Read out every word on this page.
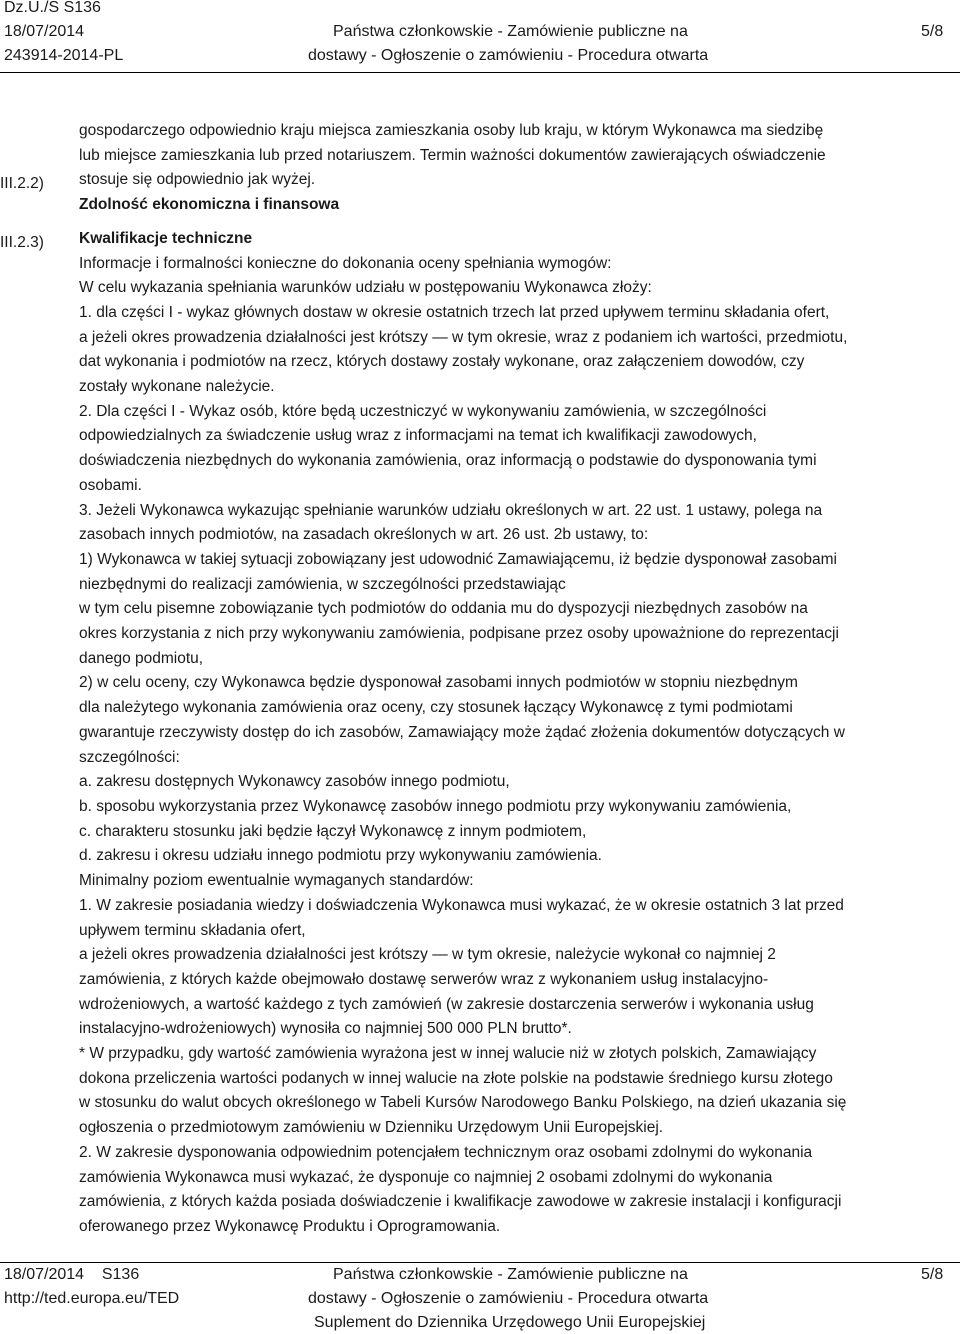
Dz.U./S S136
18/07/2014
243914-2014-PL
Państwa członkowskie - Zamówienie publiczne na
dostawy - Ogłoszenie o zamówieniu - Procedura otwarta
5/8
III.2.2)
III.2.3)
gospodarczego odpowiednio kraju miejsca zamieszkania osoby lub kraju, w którym Wykonawca ma siedzibę
lub miejsce zamieszkania lub przed notariuszem. Termin ważności dokumentów zawierających oświadczenie
stosuje się odpowiednio jak wyżej.
Zdolność ekonomiczna i finansowa
Kwalifikacje techniczne
Informacje i formalności konieczne do dokonania oceny spełniania wymogów:
W celu wykazania spełniania warunków udziału w postępowaniu Wykonawca złoży:
1. dla części I - wykaz głównych dostaw w okresie ostatnich trzech lat przed upływem terminu składania ofert,
a jeżeli okres prowadzenia działalności jest krótszy — w tym okresie, wraz z podaniem ich wartości, przedmiotu,
dat wykonania i podmiotów na rzecz, których dostawy zostały wykonane, oraz załączeniem dowodów, czy
zostały wykonane należycie.
2. Dla części I - Wykaz osób, które będą uczestniczyć w wykonywaniu zamówienia, w szczególności
odpowiedzialnych za świadczenie usług wraz z informacjami na temat ich kwalifikacji zawodowych,
doświadczenia niezbędnych do wykonania zamówienia, oraz informacją o podstawie do dysponowania tymi
osobami.
3. Jeżeli Wykonawca wykazując spełnianie warunków udziału określonych w art. 22 ust. 1 ustawy, polega na
zasobach innych podmiotów, na zasadach określonych w art. 26 ust. 2b ustawy, to:
1) Wykonawca w takiej sytuacji zobowiązany jest udowodnić Zamawiającemu, iż będzie dysponował zasobami
niezbędnymi do realizacji zamówienia, w szczególności przedstawiając
w tym celu pisemne zobowiązanie tych podmiotów do oddania mu do dyspozycji niezbędnych zasobów na
okres korzystania z nich przy wykonywaniu zamówienia, podpisane przez osoby upoważnione do reprezentacji
danego podmiotu,
2) w celu oceny, czy Wykonawca będzie dysponował zasobami innych podmiotów w stopniu niezbędnym
dla należytego wykonania zamówienia oraz oceny, czy stosunek łączący Wykonawcę z tymi podmiotami
gwarantuje rzeczywisty dostęp do ich zasobów, Zamawiający może żądać złożenia dokumentów dotyczących w
szczególności:
a. zakresu dostępnych Wykonawcy zasobów innego podmiotu,
b. sposobu wykorzystania przez Wykonawcę zasobów innego podmiotu przy wykonywaniu zamówienia,
c. charakteru stosunku jaki będzie łączył Wykonawcę z innym podmiotem,
d. zakresu i okresu udziału innego podmiotu przy wykonywaniu zamówienia.
Minimalny poziom ewentualnie wymaganych standardów:
1. W zakresie posiadania wiedzy i doświadczenia Wykonawca musi wykazać, że w okresie ostatnich 3 lat przed
upływem terminu składania ofert,
a jeżeli okres prowadzenia działalności jest krótszy — w tym okresie, należycie wykonał co najmniej 2
zamówienia, z których każde obejmowało dostawę serwerów wraz z wykonaniem usług instalacyjno-
wdrożeniowych, a wartość każdego z tych zamówień (w zakresie dostarczenia serwerów i wykonania usług
instalacyjno-wdrożeniowych) wynosiła co najmniej 500 000 PLN brutto*.
* W przypadku, gdy wartość zamówienia wyrażona jest w innej walucie niż w złotych polskich, Zamawiający
dokona przeliczenia wartości podanych w innej walucie na złote polskie na podstawie średniego kursu złotego
w stosunku do walut obcych określonego w Tabeli Kursów Narodowego Banku Polskiego, na dzień ukazania się
ogłoszenia o przedmiotowym zamówieniu w Dzienniku Urzędowym Unii Europejskiej.
2. W zakresie dysponowania odpowiednim potencjałem technicznym oraz osobami zdolnymi do wykonania
zamówienia Wykonawca musi wykazać, że dysponuje co najmniej 2 osobami zdolnymi do wykonania
zamówienia, z których każda posiada doświadczenie i kwalifikacje zawodowe w zakresie instalacji i konfiguracji
oferowanego przez Wykonawcę Produktu i Oprogramowania.
18/07/2014    S136
http://ted.europa.eu/TED
Państwa członkowskie - Zamówienie publiczne na
dostawy - Ogłoszenie o zamówieniu - Procedura otwarta
Suplement do Dziennika Urzędowego Unii Europejskiej
5/8
